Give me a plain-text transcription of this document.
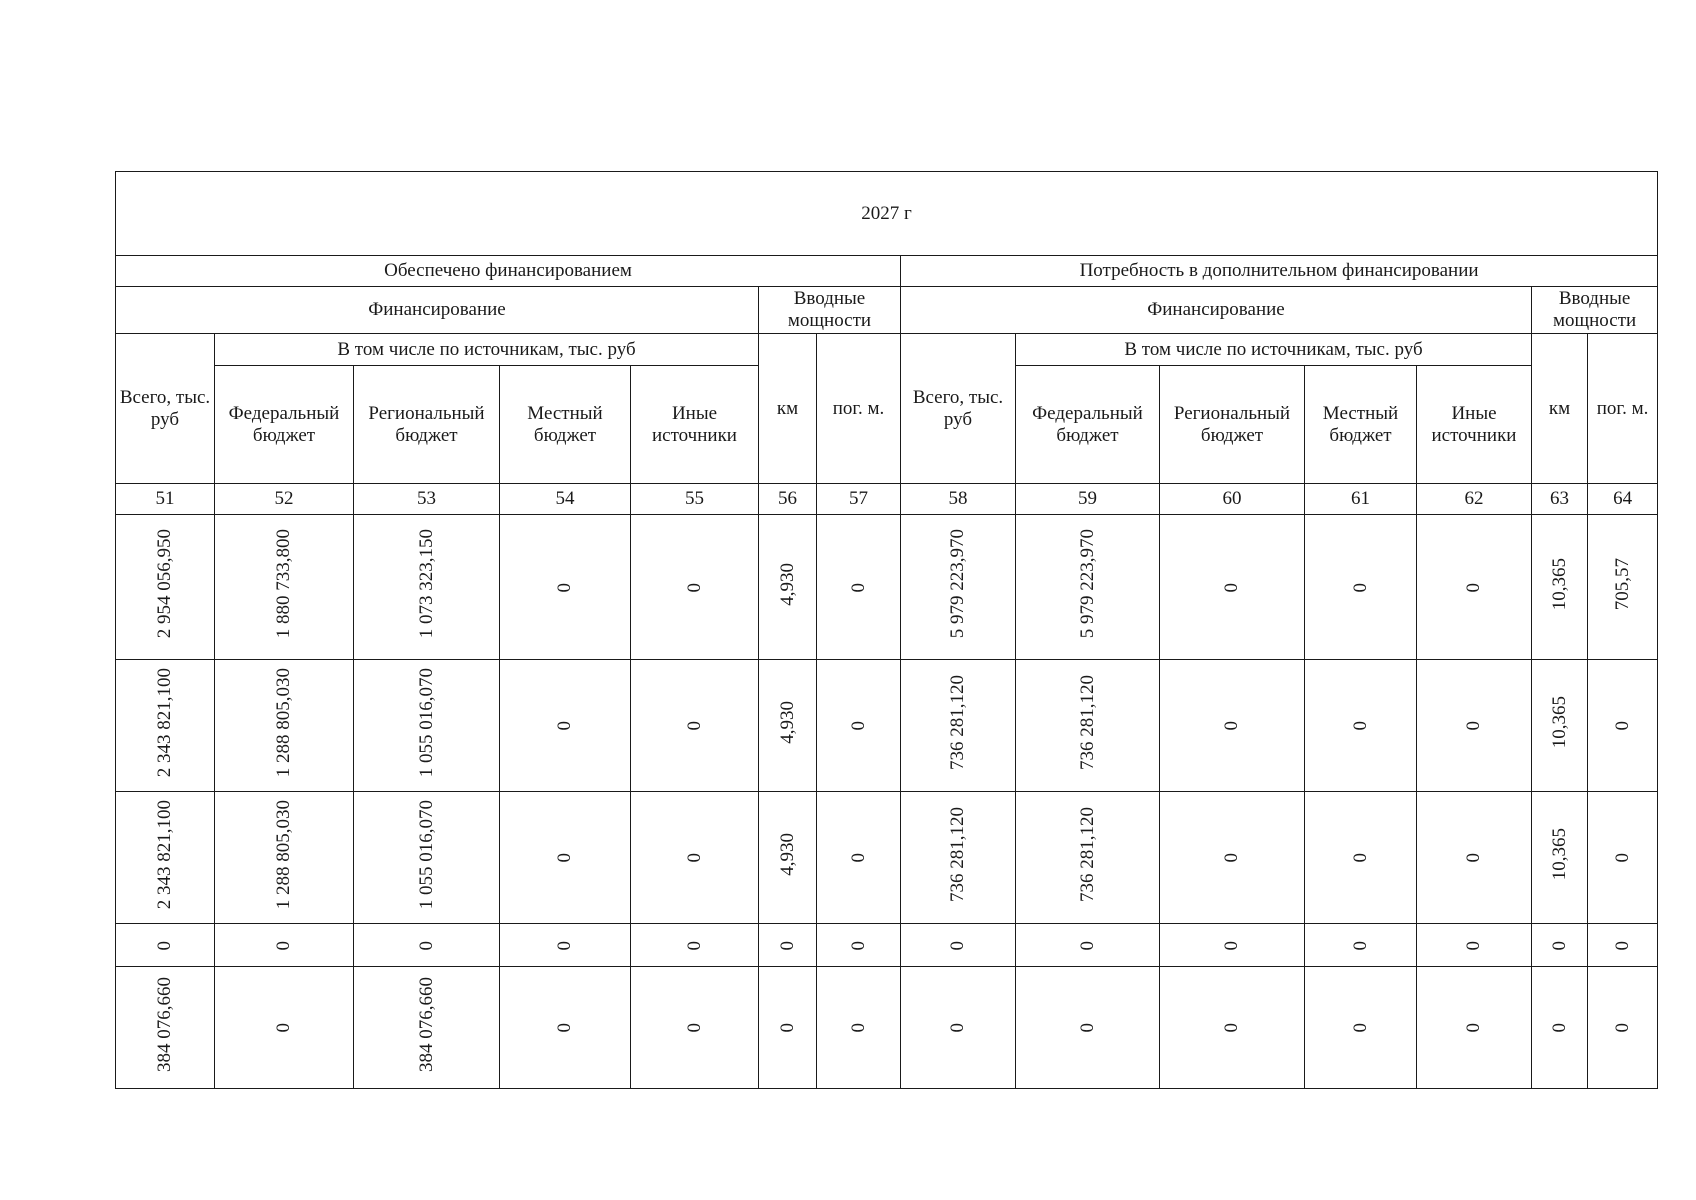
2027 г													
Обеспечено финансированием							Потребность в дополнительном финансировании						
Финансирование					Вводные мощности		Финансирование					Вводные мощности	
Всего, тыс. руб	В том числе по источникам, тыс. руб				км	пог. м.	Всего, тыс. руб	В том числе по источникам, тыс. руб				км	пог. м.
	Федеральный бюджет	Региональный бюджет	Местный бюджет	Иные источники				Федеральный бюджет	Региональный бюджет	Местный бюджет	Иные источники		
51	52	53	54	55	56	57	58	59	60	61	62	63	64
2 954 056,950	1 880 733,800	1 073 323,150	0	0	4,930	0	5 979 223,970	5 979 223,970	0	0	0	10,365	705,57
2 343 821,100	1 288 805,030	1 055 016,070	0	0	4,930	0	736 281,120	736 281,120	0	0	0	10,365	0
2 343 821,100	1 288 805,030	1 055 016,070	0	0	4,930	0	736 281,120	736 281,120	0	0	0	10,365	0
0	0	0	0	0	0	0	0	0	0	0	0	0	0
384 076,660	0	384 076,660	0	0	0	0	0	0	0	0	0	0	0
